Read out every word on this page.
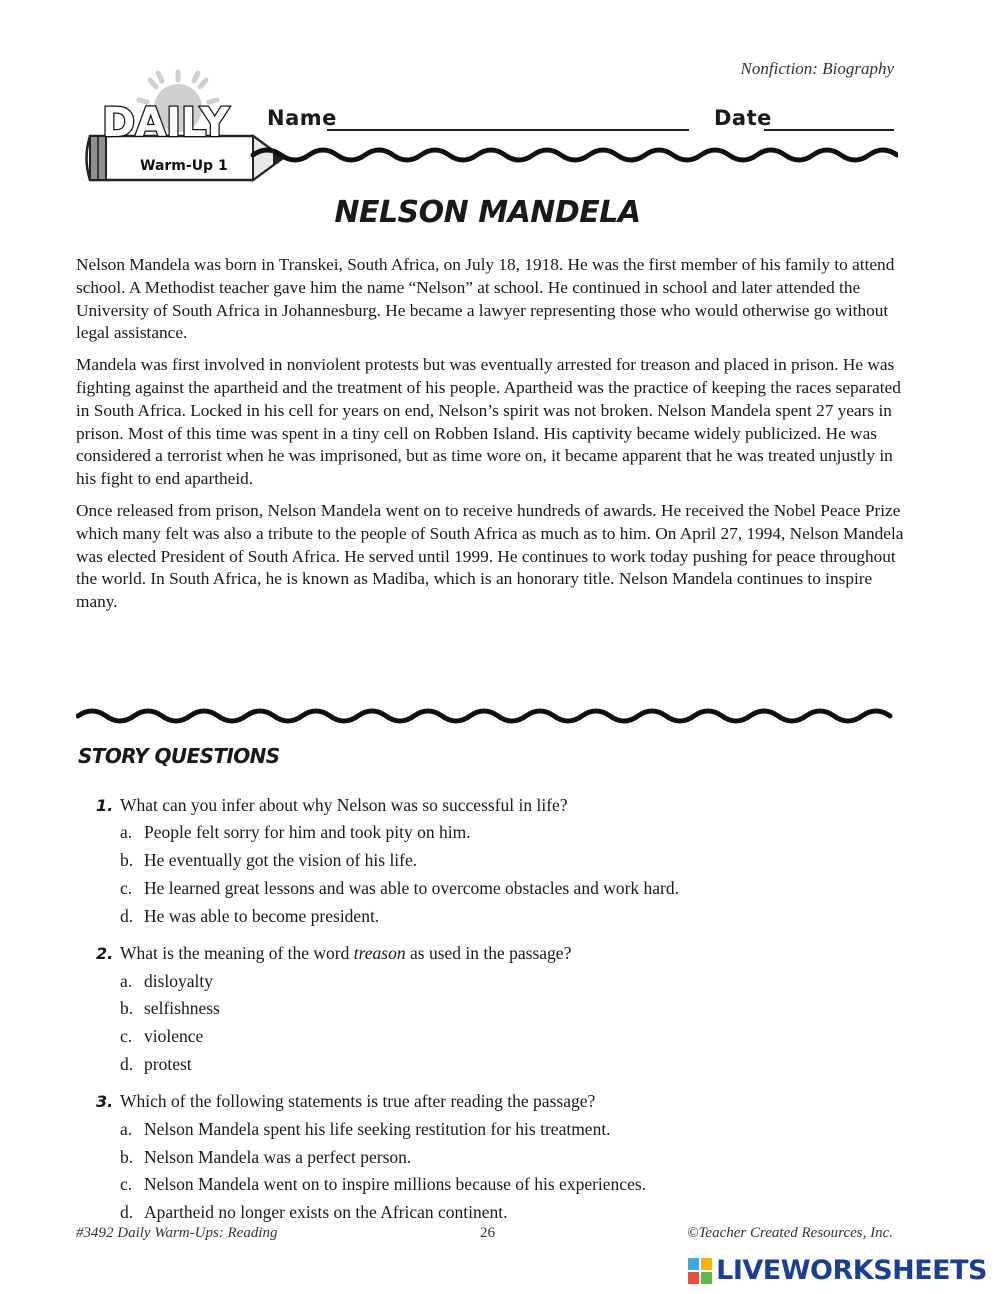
Nonfiction: Biography
DAILY
Warm-Up 1
Name	Date
NELSON MANDELA

Nelson Mandela was born in Transkei, South Africa, on July 18, 1918. He was the first member of his family to attend school. A Methodist teacher gave him the name “Nelson” at school. He continued in school and later attended the University of South Africa in Johannesburg. He became a lawyer representing those who would otherwise go without legal assistance.

Mandela was first involved in nonviolent protests but was eventually arrested for treason and placed in prison. He was fighting against the apartheid and the treatment of his people. Apartheid was the practice of keeping the races separated in South Africa. Locked in his cell for years on end, Nelson’s spirit was not broken. Nelson Mandela spent 27 years in prison. Most of this time was spent in a tiny cell on Robben Island. His captivity became widely publicized. He was considered a terrorist when he was imprisoned, but as time wore on, it became apparent that he was treated unjustly in his fight to end apartheid.

Once released from prison, Nelson Mandela went on to receive hundreds of awards. He received the Nobel Peace Prize which many felt was also a tribute to the people of South Africa as much as to him. On April 27, 1994, Nelson Mandela was elected President of South Africa. He served until 1999. He continues to work today pushing for peace throughout the world. In South Africa, he is known as Madiba, which is an honorary title. Nelson Mandela continues to inspire many.

STORY QUESTIONS
1. What can you infer about why Nelson was so successful in life?
a. People felt sorry for him and took pity on him.
b. He eventually got the vision of his life.
c. He learned great lessons and was able to overcome obstacles and work hard.
d. He was able to become president.
2. What is the meaning of the word treason as used in the passage?
a. disloyalty
b. selfishness
c. violence
d. protest
3. Which of the following statements is true after reading the passage?
a. Nelson Mandela spent his life seeking restitution for his treatment.
b. Nelson Mandela was a perfect person.
c. Nelson Mandela went on to inspire millions because of his experiences.
d. Apartheid no longer exists on the African continent.
#3492 Daily Warm-Ups: Reading	26	©Teacher Created Resources, Inc.
LIVEWORKSHEETS
